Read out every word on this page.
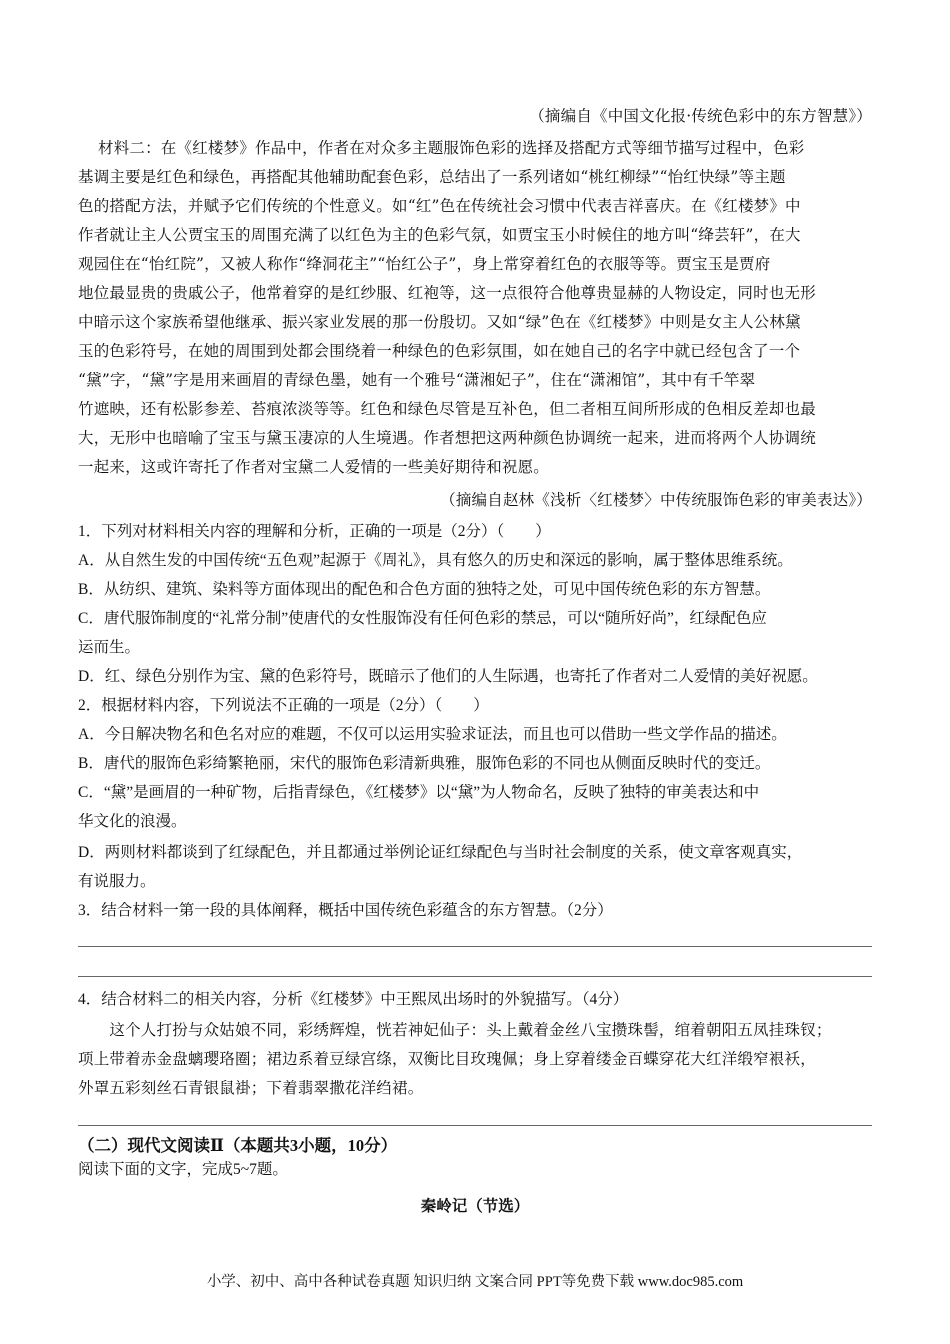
（摘编自《中国文化报·传统色彩中的东方智慧》）
材料二：在《红楼梦》作品中，作者在对众多主题服饰色彩的选择及搭配方式等细节描写过程中，色彩
基调主要是红色和绿色，再搭配其他辅助配套色彩，总结出了一系列诸如“桃红柳绿”“怡红快绿”等主题
色的搭配方法，并赋予它们传统的个性意义。如“红”色在传统社会习惯中代表吉祥喜庆。在《红楼梦》中
作者就让主人公贾宝玉的周围充满了以红色为主的色彩气氛，如贾宝玉小时候住的地方叫“绛芸轩”，在大
观园住在“怡红院”，又被人称作“绛洞花主”“怡红公子”，身上常穿着红色的衣服等等。贾宝玉是贾府
地位最显贵的贵戚公子，他常着穿的是红纱服、红袍等，这一点很符合他尊贵显赫的人物设定，同时也无形
中暗示这个家族希望他继承、振兴家业发展的那一份殷切。又如“绿”色在《红楼梦》中则是女主人公林黛
玉的色彩符号，在她的周围到处都会围绕着一种绿色的色彩氛围，如在她自己的名字中就已经包含了一个
“黛”字，“黛”字是用来画眉的青绿色墨，她有一个雅号“潇湘妃子”，住在“潇湘馆”，其中有千竿翠
竹遮映，还有松影参差、苔痕浓淡等等。红色和绿色尽管是互补色，但二者相互间所形成的色相反差却也最
大，无形中也暗喻了宝玉与黛玉凄凉的人生境遇。作者想把这两种颜色协调统一起来，进而将两个人协调统
一起来，这或许寄托了作者对宝黛二人爱情的一些美好期待和祝愿。
（摘编自赵林《浅析〈红楼梦〉中传统服饰色彩的审美表达》）
1．下列对材料相关内容的理解和分析，正确的一项是（2分）（　　）
A．从自然生发的中国传统“五色观”起源于《周礼》，具有悠久的历史和深远的影响，属于整体思维系统。
B．从纺织、建筑、染料等方面体现出的配色和合色方面的独特之处，可见中国传统色彩的东方智慧。
C．唐代服饰制度的“礼常分制”使唐代的女性服饰没有任何色彩的禁忌，可以“随所好尚”，红绿配色应
运而生。
D．红、绿色分别作为宝、黛的色彩符号，既暗示了他们的人生际遇，也寄托了作者对二人爱情的美好祝愿。
2．根据材料内容，下列说法不正确的一项是（2分）（　　）
A．今日解决物名和色名对应的难题，不仅可以运用实验求证法，而且也可以借助一些文学作品的描述。
B．唐代的服饰色彩绮繁艳丽，宋代的服饰色彩清新典雅，服饰色彩的不同也从侧面反映时代的变迁。
C．“黛”是画眉的一种矿物，后指青绿色，《红楼梦》以“黛”为人物命名，反映了独特的审美表达和中
华文化的浪漫。
D．两则材料都谈到了红绿配色，并且都通过举例论证红绿配色与当时社会制度的关系，使文章客观真实，
有说服力。
3．结合材料一第一段的具体阐释，概括中国传统色彩蕴含的东方智慧。（2分）
4．结合材料二的相关内容，分析《红楼梦》中王熙凤出场时的外貌描写。（4分）
　　这个人打扮与众姑娘不同，彩绣辉煌，恍若神妃仙子：头上戴着金丝八宝攒珠髻，绾着朝阳五凤挂珠钗；
项上带着赤金盘螭璎珞圈；裙边系着豆绿宫绦，双衡比目玫瑰佩；身上穿着缕金百蝶穿花大红洋缎窄裉袄，
外罩五彩刻丝石青银鼠褂；下着翡翠撒花洋绉裙。
（二）现代文阅读Ⅱ（本题共3小题，10分）
阅读下面的文字，完成5~7题。
秦岭记（节选）
小学、初中、高中各种试卷真题 知识归纳 文案合同 PPT等免费下载 www.doc985.com
